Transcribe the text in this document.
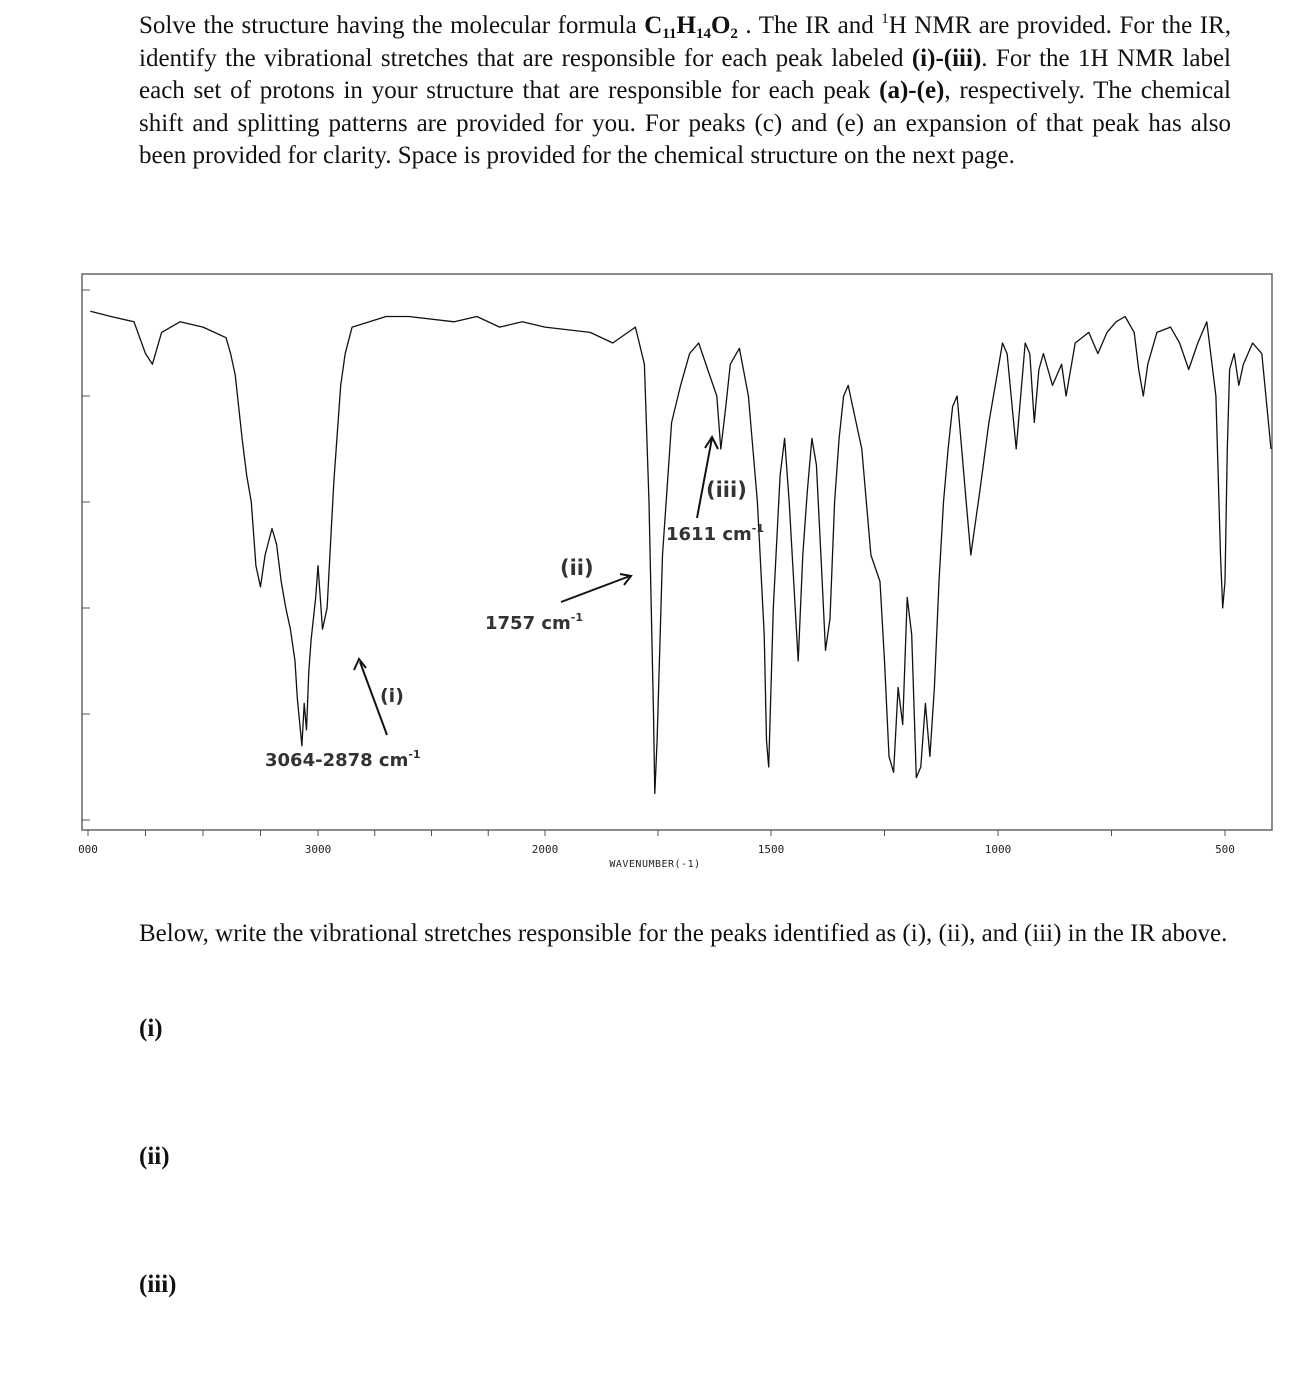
Solve the structure having the molecular formula $C_{11}H_{14}O_2$ . The IR and $^1$H NMR are provided. For the IR, identify the vibrational stretches that are responsible for each peak labeled (i)-(iii). For the 1H NMR label each set of protons in your structure that are responsible for each peak (a)-(e), respectively. The chemical shift and splitting patterns are provided for you. For peaks (c) and (e) an expansion of that peak has also been provided for clarity. Space is provided for the chemical structure on the next page.

000	3000	2000	1500	1000	500
WAVENUMBER(-1)
(i)
3064-2878 $cm^{-1}$
(ii)
1757 $cm^{-1}$
(iii)
1611 $cm^{-1}$

Below, write the vibrational stretches responsible for the peaks identified as (i), (ii), and (iii) in the IR above.

(i)
(ii)
(iii)
